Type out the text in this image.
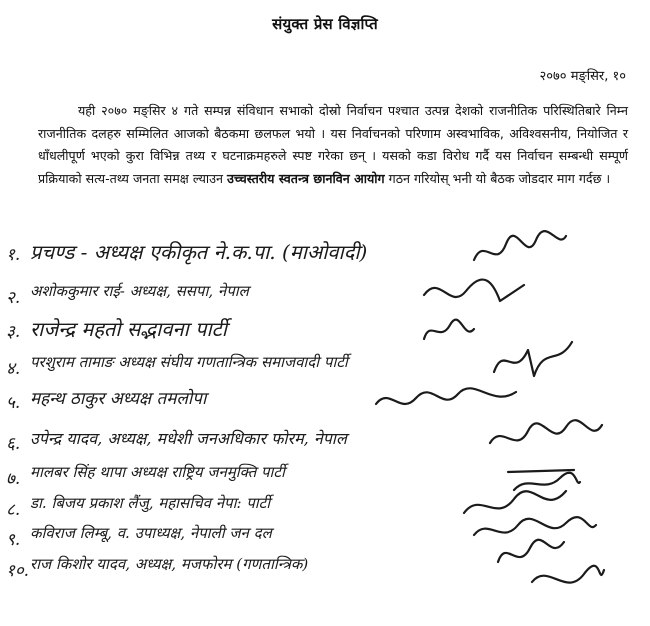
संयुक्त प्रेस विज्ञप्ति
२०७० मङ्सिर, १०

यही २०७० मङ्सिर ४ गते सम्पन्न संविधान सभाको दोस्रो निर्वाचन पश्चात उत्पन्न देशको राजनीतिक परिस्थितिबारे निम्न राजनीतिक दलहरु सम्मिलित आजको बैठकमा छलफल भयो । यस निर्वाचनको परिणाम अस्वभाविक, अविश्वसनीय, नियोजित र धाँधलीपूर्ण भएको कुरा विभिन्न तथ्य र घटनाक्रमहरुले स्पष्ट गरेका छन् । यसको कडा विरोध गर्दै यस निर्वाचन सम्बन्धी सम्पूर्ण प्रक्रियाको सत्य-तथ्य जनता समक्ष ल्याउन उच्चस्तरीय स्वतन्त्र छानविन आयोग गठन गरियोस् भनी यो बैठक जोडदार माग गर्दछ ।

१. प्रचण्ड - अध्यक्ष एकीकृत ने.क.पा. (माओवादी)
२. अशोककुमार राई- अध्यक्ष, ससपा, नेपाल
३. राजेन्द्र महतो सद्भावना पार्टी
४. परशुराम तामाङ अध्यक्ष संघीय गणतान्त्रिक समाजवादी पार्टी
५. महन्थ ठाकुर अध्यक्ष तमलोपा
६. उपेन्द्र यादव, अध्यक्ष, मधेशी जनअधिकार फोरम, नेपाल
७. मालबर सिंह थापा अध्यक्ष राष्ट्रिय जनमुक्ति पार्टी
८. डा. बिजय प्रकाश लैंजु, महासचिव नेपा: पार्टी
९. कविराज लिम्बू, व. उपाध्यक्ष, नेपाली जन दल
१०. राज किशोर यादव, अध्यक्ष, मजफोरम (गणतान्त्रिक)
